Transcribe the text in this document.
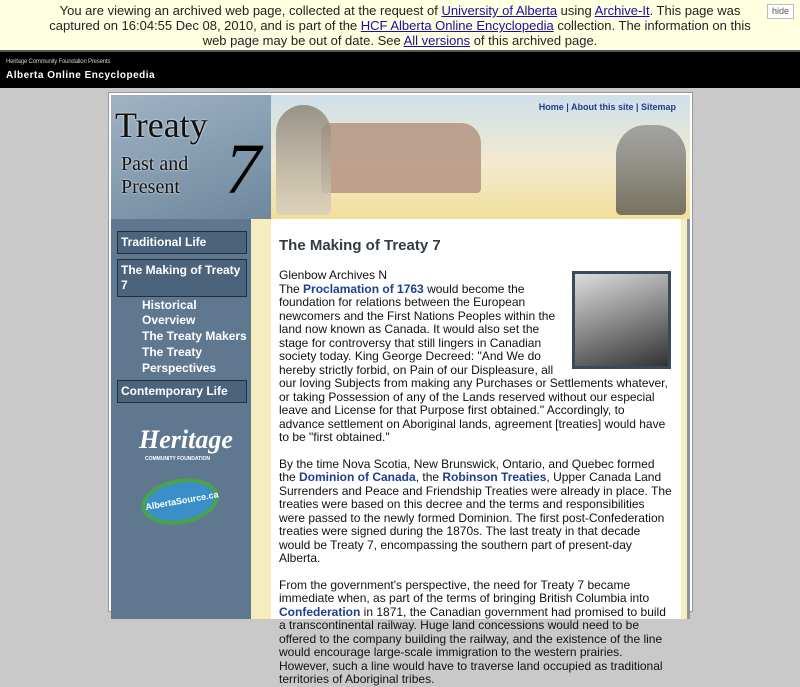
You are viewing an archived web page, collected at the request of University of Alberta using Archive-It. This page was captured on 16:04:55 Dec 08, 2010, and is part of the HCF Alberta Online Encyclopedia collection. The information on this web page may be out of date. See All versions of this archived page.
hide
Heritage Community Foundation Presents
Alberta Online Encyclopedia
Treaty
7
Past and
Present
Home | About this site | Sitemap
Traditional Life
The Making of Treaty 7
Historical Overview
The Treaty Makers
The Treaty
Perspectives
Contemporary Life
Heritage
COMMUNITY FOUNDATION
AlbertaSource.ca
The Making of Treaty 7

Glenbow Archives N
The Proclamation of 1763 would become the foundation for relations between the European newcomers and the First Nations Peoples within the land now known as Canada. It would also set the stage for controversy that still lingers in Canadian society today. King George Decreed: "And We do hereby strictly forbid, on Pain of our Displeasure, all our loving Subjects from making any Purchases or Settlements whatever, or taking Possession of any of the Lands reserved without our especial leave and License for that Purpose first obtained." Accordingly, to advance settlement on Aboriginal lands, agreement [treaties] would have to be "first obtained."

By the time Nova Scotia, New Brunswick, Ontario, and Quebec formed the Dominion of Canada, the Robinson Treaties, Upper Canada Land Surrenders and Peace and Friendship Treaties were already in place. The treaties were based on this decree and the terms and responsibilities were passed to the newly formed Dominion. The first post-Confederation treaties were signed during the 1870s. The last treaty in that decade would be Treaty 7, encompassing the southern part of present-day Alberta.

From the government's perspective, the need for Treaty 7 became immediate when, as part of the terms of bringing British Columbia into Confederation in 1871, the Canadian government had promised to build a transcontinental railway. Huge land concessions would need to be offered to the company building the railway, and the existence of the line would encourage large-scale immigration to the western prairies. However, such a line would have to traverse land occupied as traditional territories of Aboriginal tribes.
